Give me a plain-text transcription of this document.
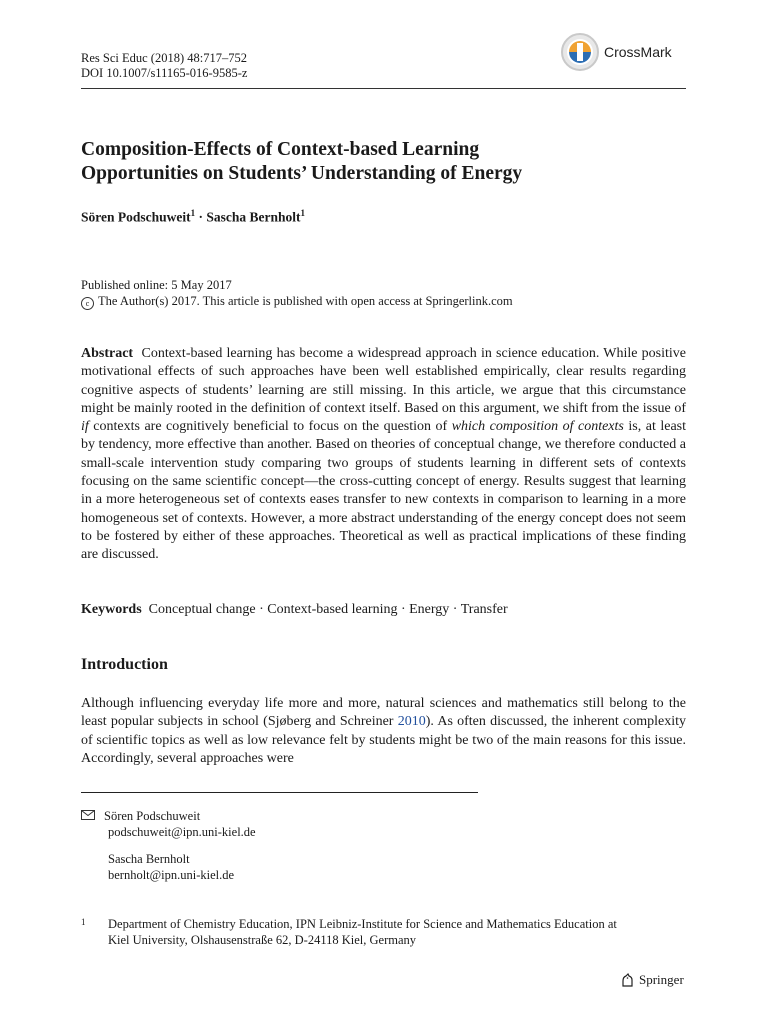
Res Sci Educ (2018) 48:717–752
DOI 10.1007/s11165-016-9585-z
CrossMark
Composition-Effects of Context-based Learning
Opportunities on Students’ Understanding of Energy
Sören Podschuweit$^1$ · Sascha Bernholt$^1$
Published online: 5 May 2017
c The Author(s) 2017. This article is published with open access at Springerlink.com
Abstract Context-based learning has become a widespread approach in science education. While positive motivational effects of such approaches have been well established empirically, clear results regarding cognitive aspects of students’ learning are still missing. In this article, we argue that this circumstance might be mainly rooted in the definition of context itself. Based on this argument, we shift from the issue of if contexts are cognitively beneficial to focus on the question of which composition of contexts is, at least by tendency, more effective than another. Based on theories of conceptual change, we therefore conducted a small-scale intervention study comparing two groups of students learning in different sets of contexts focusing on the same scientific concept—the cross-cutting concept of energy. Results suggest that learning in a more heterogeneous set of contexts eases transfer to new contexts in comparison to learning in a more homogeneous set of contexts. However, a more abstract understanding of the energy concept does not seem to be fostered by either of these approaches. Theoretical as well as practical implications of these finding are discussed.
Keywords Conceptual change · Context-based learning · Energy · Transfer
Introduction
Although influencing everyday life more and more, natural sciences and mathematics still belong to the least popular subjects in school (Sjøberg and Schreiner 2010). As often discussed, the inherent complexity of scientific topics as well as low relevance felt by students might be two of the main reasons for this issue. Accordingly, several approaches were
Sören Podschuweit
podschuweit@ipn.uni-kiel.de
Sascha Bernholt
bernholt@ipn.uni-kiel.de
1 Department of Chemistry Education, IPN Leibniz-Institute for Science and Mathematics Education at
Kiel University, Olshausenstraße 62, D-24118 Kiel, Germany
Springer
